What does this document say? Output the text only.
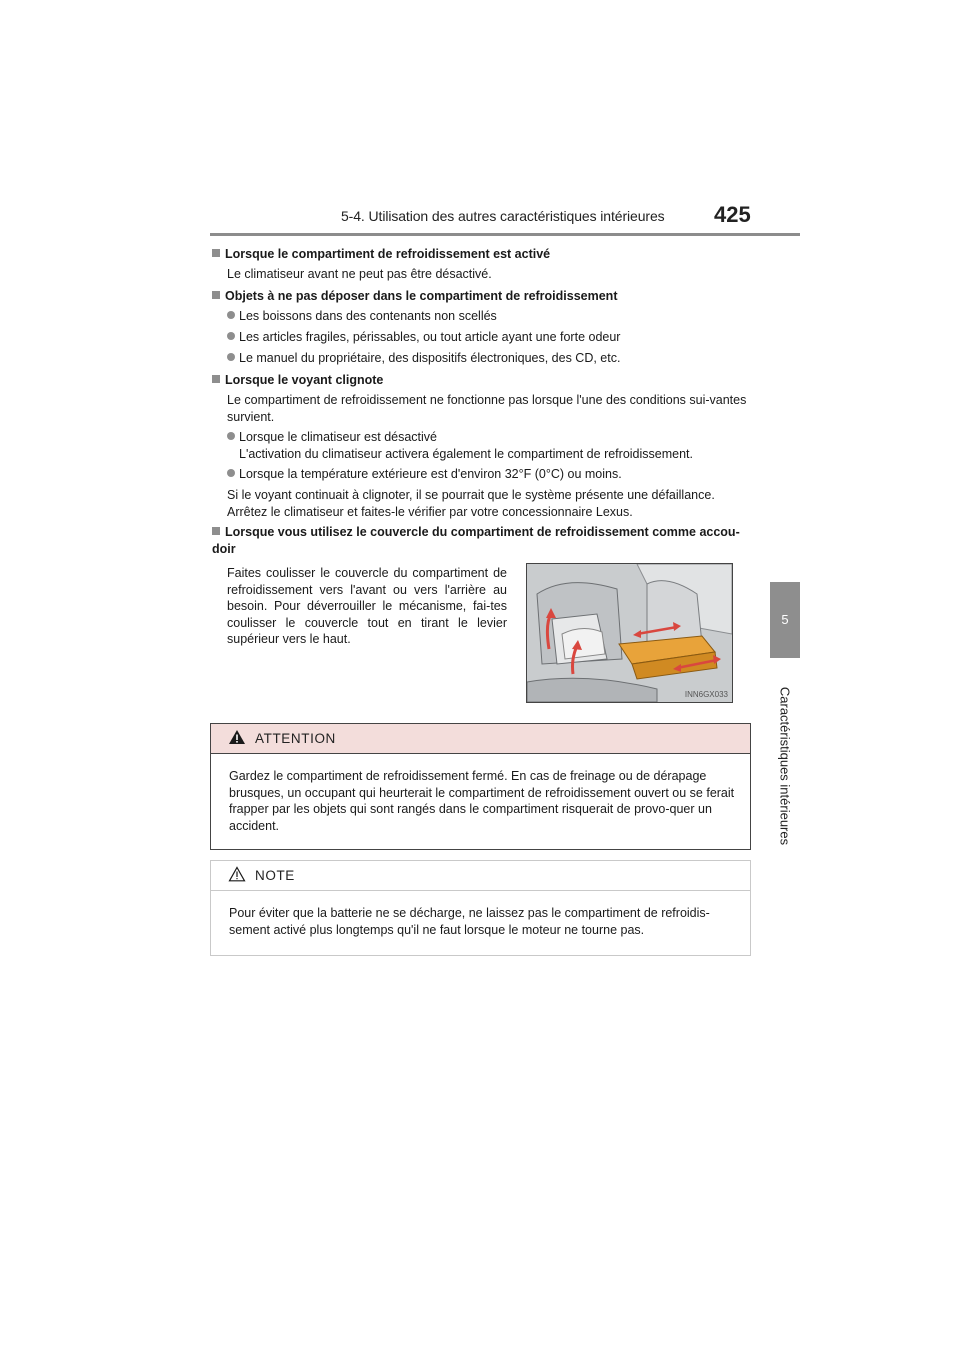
5-4. Utilisation des autres caractéristiques intérieures 425
5
Caractéristiques intérieures
Lorsque le compartiment de refroidissement est activé
Le climatiseur avant ne peut pas être désactivé.
Objets à ne pas déposer dans le compartiment de refroidissement
Les boissons dans des contenants non scellés
Les articles fragiles, périssables, ou tout article ayant une forte odeur
Le manuel du propriétaire, des dispositifs électroniques, des CD, etc.
Lorsque le voyant clignote
Le compartiment de refroidissement ne fonctionne pas lorsque l'une des conditions sui-vantes survient.
Lorsque le climatiseur est désactivé
L'activation du climatiseur activera également le compartiment de refroidissement.
Lorsque la température extérieure est d'environ 32°F (0°C) ou moins.
Si le voyant continuait à clignoter, il se pourrait que le système présente une défaillance. Arrêtez le climatiseur et faites-le vérifier par votre concessionnaire Lexus.
Lorsque vous utilisez le couvercle du compartiment de refroidissement comme accou-doir
Faites coulisser le couvercle du compartiment de refroidissement vers l'avant ou vers l'arrière au besoin. Pour déverrouiller le mécanisme, fai-tes coulisser le couvercle tout en tirant le levier supérieur vers le haut.
INN6GX033
ATTENTION
Gardez le compartiment de refroidissement fermé. En cas de freinage ou de dérapage brusques, un occupant qui heurterait le compartiment de refroidissement ouvert ou se ferait frapper par les objets qui sont rangés dans le compartiment risquerait de provo-quer un accident.
NOTE
Pour éviter que la batterie ne se décharge, ne laissez pas le compartiment de refroidis-sement activé plus longtemps qu'il ne faut lorsque le moteur ne tourne pas.
